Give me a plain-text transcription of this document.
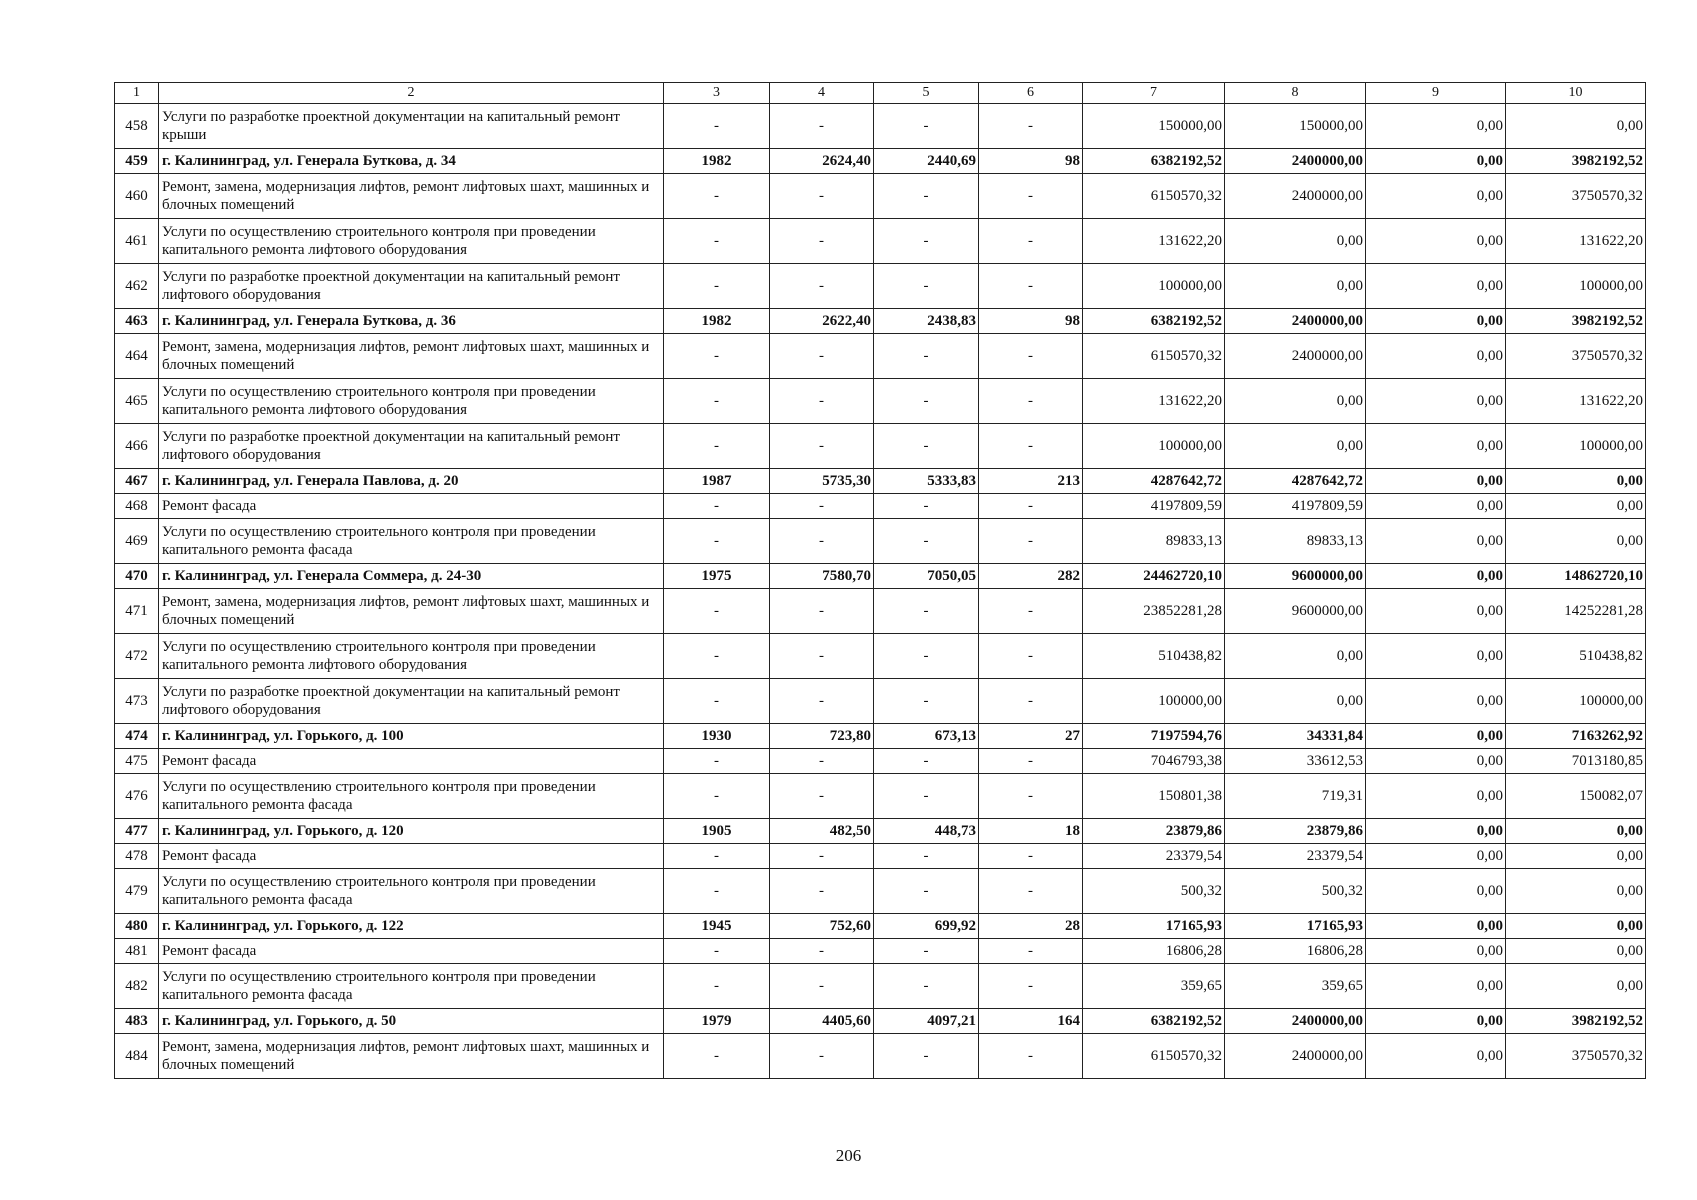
1	2	3	4	5	6	7	8	9	10
458	Услуги по разработке проектной документации на капитальный ремонт крыши	-	-	-	-	150000,00	150000,00	0,00	0,00
459	г. Калининград, ул. Генерала Буткова, д. 34	1982	2624,40	2440,69	98	6382192,52	2400000,00	0,00	3982192,52
460	Ремонт, замена, модернизация лифтов, ремонт лифтовых шахт, машинных и блочных помещений	-	-	-	-	6150570,32	2400000,00	0,00	3750570,32
461	Услуги по осуществлению строительного контроля при проведении капитального ремонта лифтового оборудования	-	-	-	-	131622,20	0,00	0,00	131622,20
462	Услуги по разработке проектной документации на капитальный ремонт лифтового оборудования	-	-	-	-	100000,00	0,00	0,00	100000,00
463	г. Калининград, ул. Генерала Буткова, д. 36	1982	2622,40	2438,83	98	6382192,52	2400000,00	0,00	3982192,52
464	Ремонт, замена, модернизация лифтов, ремонт лифтовых шахт, машинных и блочных помещений	-	-	-	-	6150570,32	2400000,00	0,00	3750570,32
465	Услуги по осуществлению строительного контроля при проведении капитального ремонта лифтового оборудования	-	-	-	-	131622,20	0,00	0,00	131622,20
466	Услуги по разработке проектной документации на капитальный ремонт лифтового оборудования	-	-	-	-	100000,00	0,00	0,00	100000,00
467	г. Калининград, ул. Генерала Павлова, д. 20	1987	5735,30	5333,83	213	4287642,72	4287642,72	0,00	0,00
468	Ремонт фасада	-	-	-	-	4197809,59	4197809,59	0,00	0,00
469	Услуги по осуществлению строительного контроля при проведении капитального ремонта фасада	-	-	-	-	89833,13	89833,13	0,00	0,00
470	г. Калининград, ул. Генерала Соммера, д. 24-30	1975	7580,70	7050,05	282	24462720,10	9600000,00	0,00	14862720,10
471	Ремонт, замена, модернизация лифтов, ремонт лифтовых шахт, машинных и блочных помещений	-	-	-	-	23852281,28	9600000,00	0,00	14252281,28
472	Услуги по осуществлению строительного контроля при проведении капитального ремонта лифтового оборудования	-	-	-	-	510438,82	0,00	0,00	510438,82
473	Услуги по разработке проектной документации на капитальный ремонт лифтового оборудования	-	-	-	-	100000,00	0,00	0,00	100000,00
474	г. Калининград, ул. Горького, д. 100	1930	723,80	673,13	27	7197594,76	34331,84	0,00	7163262,92
475	Ремонт фасада	-	-	-	-	7046793,38	33612,53	0,00	7013180,85
476	Услуги по осуществлению строительного контроля при проведении капитального ремонта фасада	-	-	-	-	150801,38	719,31	0,00	150082,07
477	г. Калининград, ул. Горького, д. 120	1905	482,50	448,73	18	23879,86	23879,86	0,00	0,00
478	Ремонт фасада	-	-	-	-	23379,54	23379,54	0,00	0,00
479	Услуги по осуществлению строительного контроля при проведении капитального ремонта фасада	-	-	-	-	500,32	500,32	0,00	0,00
480	г. Калининград, ул. Горького, д. 122	1945	752,60	699,92	28	17165,93	17165,93	0,00	0,00
481	Ремонт фасада	-	-	-	-	16806,28	16806,28	0,00	0,00
482	Услуги по осуществлению строительного контроля при проведении капитального ремонта фасада	-	-	-	-	359,65	359,65	0,00	0,00
483	г. Калининград, ул. Горького, д. 50	1979	4405,60	4097,21	164	6382192,52	2400000,00	0,00	3982192,52
484	Ремонт, замена, модернизация лифтов, ремонт лифтовых шахт, машинных и блочных помещений	-	-	-	-	6150570,32	2400000,00	0,00	3750570,32
206
